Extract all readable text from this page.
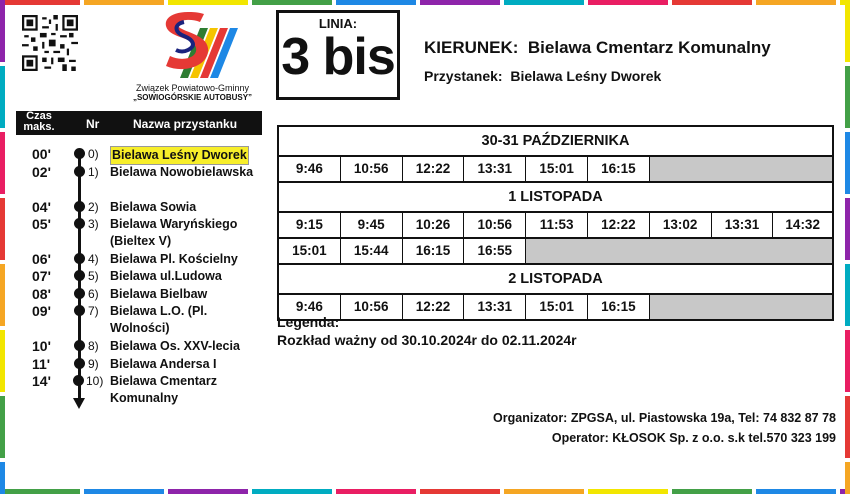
Związek Powiatowo-Gminny
„SOWIOGÓRSKIE AUTOBUSY”
LINIA:
3 bis KIERUNEK: Bielawa Cmentarz Komunalny
Przystanek: Bielawa Leśny Dworek
Czas maks.	Nr	Nazwa przystanku
00'	0) Bielawa Leśny Dworek
02'	1) Bielawa Nowobielawska
04'	2) Bielawa Sowia
05'	3) Bielawa Waryńskiego (Bieltex V)
06'	4) Bielawa Pl. Kościelny
07'	5) Bielawa ul.Ludowa
08'	6) Bielawa Bielbaw
09'	7) Bielawa L.O. (Pl. Wolności)
10'	8) Bielawa Os. XXV-lecia
11'	9) Bielawa Andersa I
14'	10) Bielawa Cmentarz Komunalny
30-31 PAŹDZIERNIKA
9:46	10:56	12:22	13:31	15:01	16:15
1 LISTOPADA
9:15	9:45	10:26	10:56	11:53	12:22	13:02	13:31	14:32
15:01	15:44	16:15	16:55
2 LISTOPADA
9:46	10:56	12:22	13:31	15:01	16:15
Legenda:
Rozkład ważny od 30.10.2024r do 02.11.2024r
Organizator: ZPGSA, ul. Piastowska 19a, Tel: 74 832 87 78
Operator: KŁOSOK Sp. z o.o. s.k tel.570 323 199
